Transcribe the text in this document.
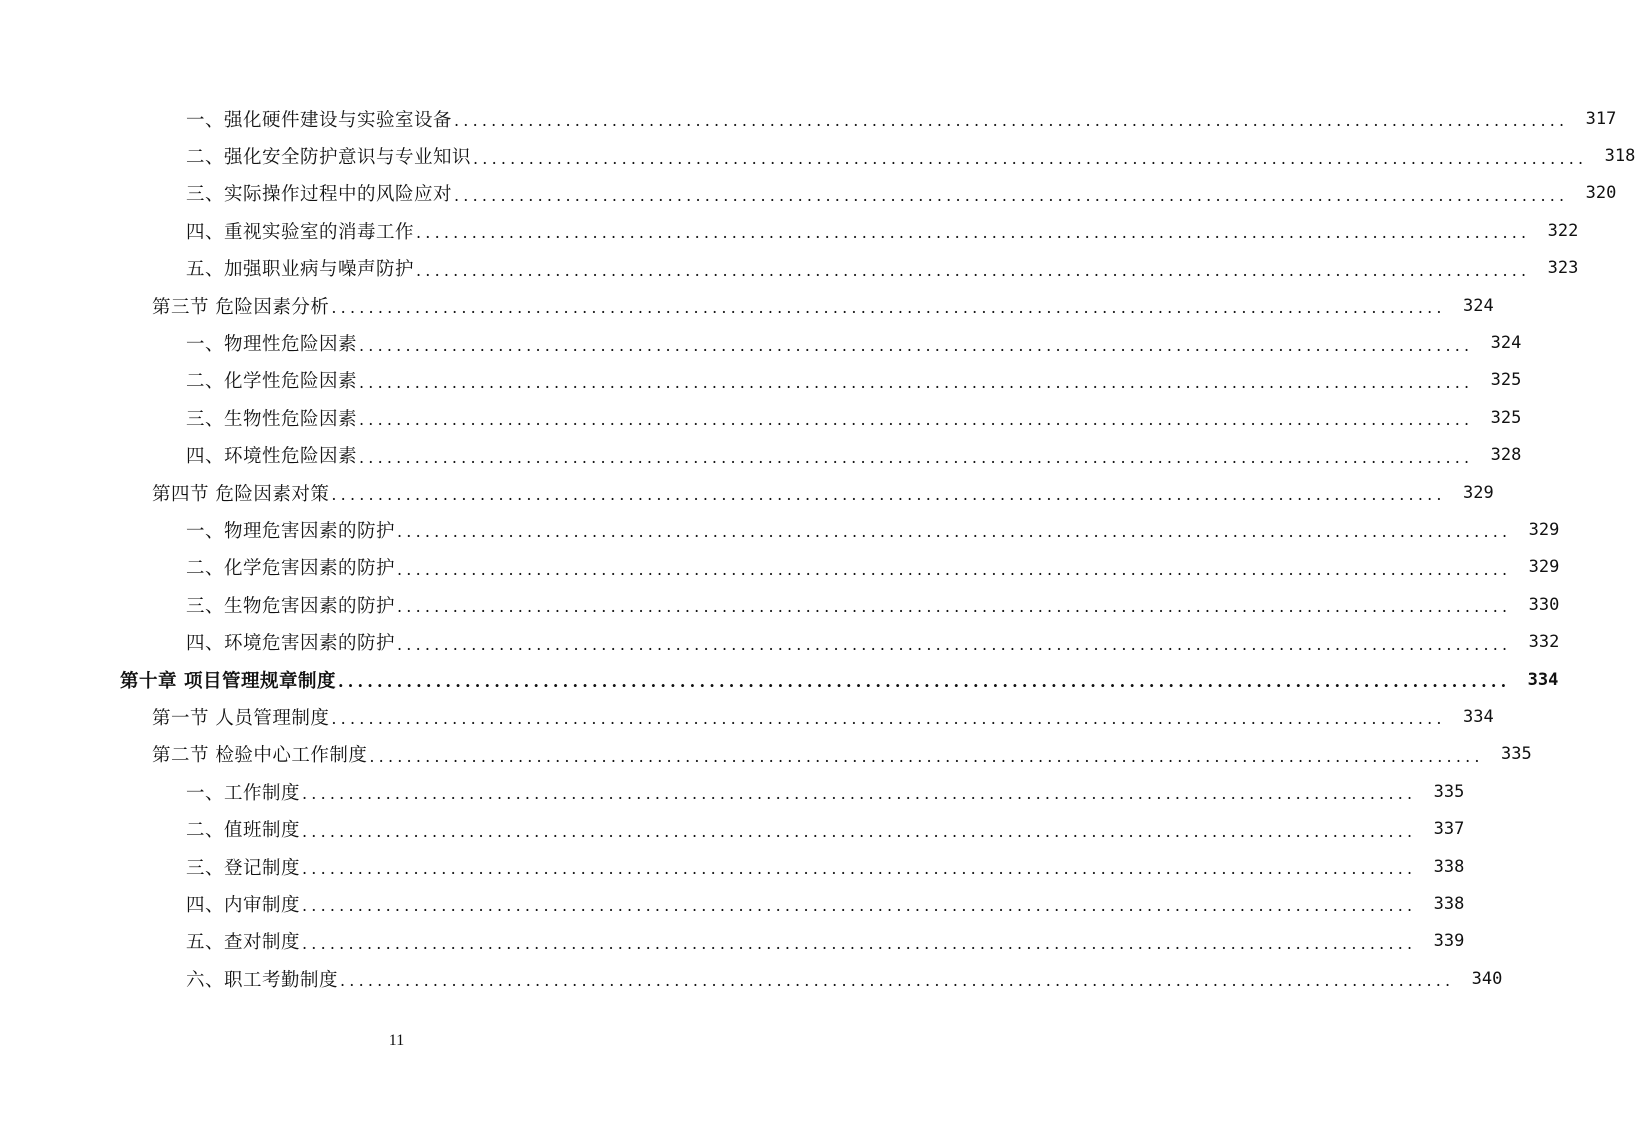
一、强化硬件建设与实验室设备 ........................................................................................................................	317
二、强化安全防护意识与专业知识 ........................................................................................................................	318
三、实际操作过程中的风险应对 ........................................................................................................................	320
四、重视实验室的消毒工作 ........................................................................................................................	322
五、加强职业病与噪声防护 ........................................................................................................................	323
第三节 危险因素分析 ........................................................................................................................	324
一、物理性危险因素 ........................................................................................................................	324
二、化学性危险因素 ........................................................................................................................	325
三、生物性危险因素 ........................................................................................................................	325
四、环境性危险因素 ........................................................................................................................	328
第四节 危险因素对策 ........................................................................................................................	329
一、物理危害因素的防护 ........................................................................................................................	329
二、化学危害因素的防护 ........................................................................................................................	329
三、生物危害因素的防护 ........................................................................................................................	330
四、环境危害因素的防护 ........................................................................................................................	332
第十章 项目管理规章制度 ........................................................................................................................	334
第一节 人员管理制度 ........................................................................................................................	334
第二节 检验中心工作制度 ........................................................................................................................	335
一、工作制度 ........................................................................................................................	335
二、值班制度 ........................................................................................................................	337
三、登记制度 ........................................................................................................................	338
四、内审制度 ........................................................................................................................	338
五、查对制度 ........................................................................................................................	339
六、职工考勤制度 ........................................................................................................................	340
11
